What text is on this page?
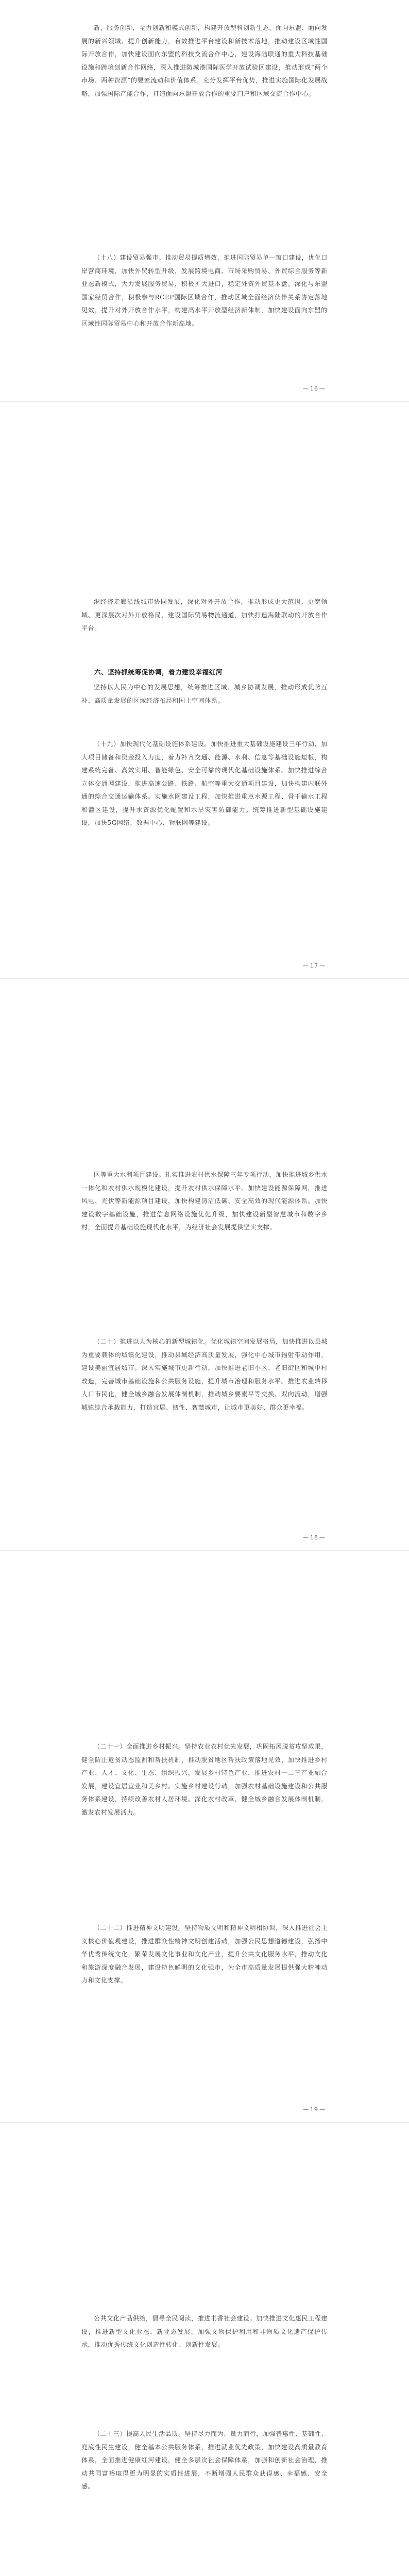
新，服务创新，全力创新和模式创新，构建开放型科创新生态，面向东盟、面向发展的新兴领域、提升创新能力，有效推进平台建设和新技术落地，推动建设区域性国际开放合作，加快建设面向东盟的科技交流合作中心，建设海陆联通的重大科技基础设施和跨境创新合作网络，深入推进防城港国际医学开放试验区建设，推动形成“两个市场、两种资源”的要素流动和价值体系。充分发挥平台优势，推进实施国际化发展战略，加强国际产能合作，打造面向东盟开放合作的重要门户和区域交流合作中心。
（十八）建设贸易强市。推动贸易提质增效，推进国际贸易单一窗口建设，优化口岸营商环境，加快外贸转型升级，发展跨境电商、市场采购贸易、外贸综合服务等新业态新模式，大力发展服务贸易，积极扩大进口，稳定外资外贸基本盘。深化与东盟国家经贸合作，积极参与RCEP国际区域合作，推动区域全面经济伙伴关系协定落地见效，提升对外开放合作水平，构建高水平开放型经济新体制，加快建设面向东盟的区域性国际贸易中心和开放合作新高地。
— 16 —
港经济走廊沿线城市协同发展，深化对外开放合作，推动形成更大范围、更宽领域、更深层次对外开放格局，建设国际贸易物流通道，加快打造海陆联动的开放合作平台。
六、坚持抓统筹促协调，着力建设幸福红河
坚持以人民为中心的发展思想，统筹推进区域、城乡协调发展，推动形成优势互补、高质量发展的区域经济布局和国土空间体系。
（十九）加快现代化基础设施体系建设。加快推进重大基础设施建设三年行动，加大项目储备和资金投入力度，着力补齐交通、能源、水利、信息等基础设施短板，构建系统完备、高效实用、智能绿色、安全可靠的现代化基础设施体系。加快推进综合立体交通网建设，推进高速公路、铁路、航空等重大交通项目建设，加快构建内联外通的综合交通运输体系。实施水网建设工程，加快推进重点水源工程、骨干输水工程和灌区建设，提升水资源优化配置和水旱灾害防御能力。统筹推进新型基础设施建设，加快5G网络、数据中心、物联网等建设。
— 17 —
区等重大水利项目建设。扎实推进农村供水保障三年专项行动，加快推进城乡供水一体化和农村供水规模化建设，提升农村供水保障水平。加快建设能源保障网，推进风电、光伏等新能源项目建设，加快构建清洁低碳、安全高效的现代能源体系。加快建设数字基础设施，推进信息网络设施优化升级，加快建设新型智慧城市和数字乡村，全面提升基础设施现代化水平，为经济社会发展提供坚实支撑。
（二十）推进以人为核心的新型城镇化。优化城镇空间发展格局，加快推进以县城为重要载体的城镇化建设，推动县域经济高质量发展，强化中心城市辐射带动作用，建设美丽宜居城市。深入实施城市更新行动，加快推进老旧小区、老旧街区和城中村改造，完善城市基础设施和公共服务设施，提升城市治理和服务水平。推进农业转移人口市民化，健全城乡融合发展体制机制，推动城乡要素平等交换、双向流动，增强城镇综合承载能力，打造宜居、韧性、智慧城市，让城市更美好、群众更幸福。
— 18 —
（二十一）全面推进乡村振兴。坚持农业农村优先发展，巩固拓展脱贫攻坚成果，健全防止返贫动态监测和帮扶机制，推动脱贫地区帮扶政策落地见效，加快推进乡村产业、人才、文化、生态、组织振兴，发展乡村特色产业，推进农村一二三产业融合发展，建设宜居宜业和美乡村。实施乡村建设行动，加强农村基础设施建设和公共服务体系建设，持续改善农村人居环境。深化农村改革，健全城乡融合发展体制机制，激发农村发展活力。
（二十二）推进精神文明建设。坚持物质文明和精神文明相协调，深入推进社会主义核心价值观建设，推进群众性精神文明创建活动，加强公民思想道德建设，弘扬中华优秀传统文化，繁荣发展文化事业和文化产业，提升公共文化服务水平，推动文化和旅游深度融合发展，建设特色鲜明的文化强市，为全市高质量发展提供强大精神动力和文化支撑。
— 19 —
公共文化产品供给，倡导全民阅读，推进书香社会建设。加快推进文化惠民工程建设，推进新型文化业态、新业态发展，加强文物保护利用和非物质文化遗产保护传承，推动优秀传统文化创造性转化、创新性发展。
（二十三）提高人民生活品质。坚持尽力而为、量力而行，加强普惠性、基础性、兜底性民生建设，健全基本公共服务体系，推进就业优先政策，加快建设高质量教育体系，全面推进健康红河建设，健全多层次社会保障体系，加强和创新社会治理，推动共同富裕取得更为明显的实质性进展，不断增强人民群众获得感、幸福感、安全感。
